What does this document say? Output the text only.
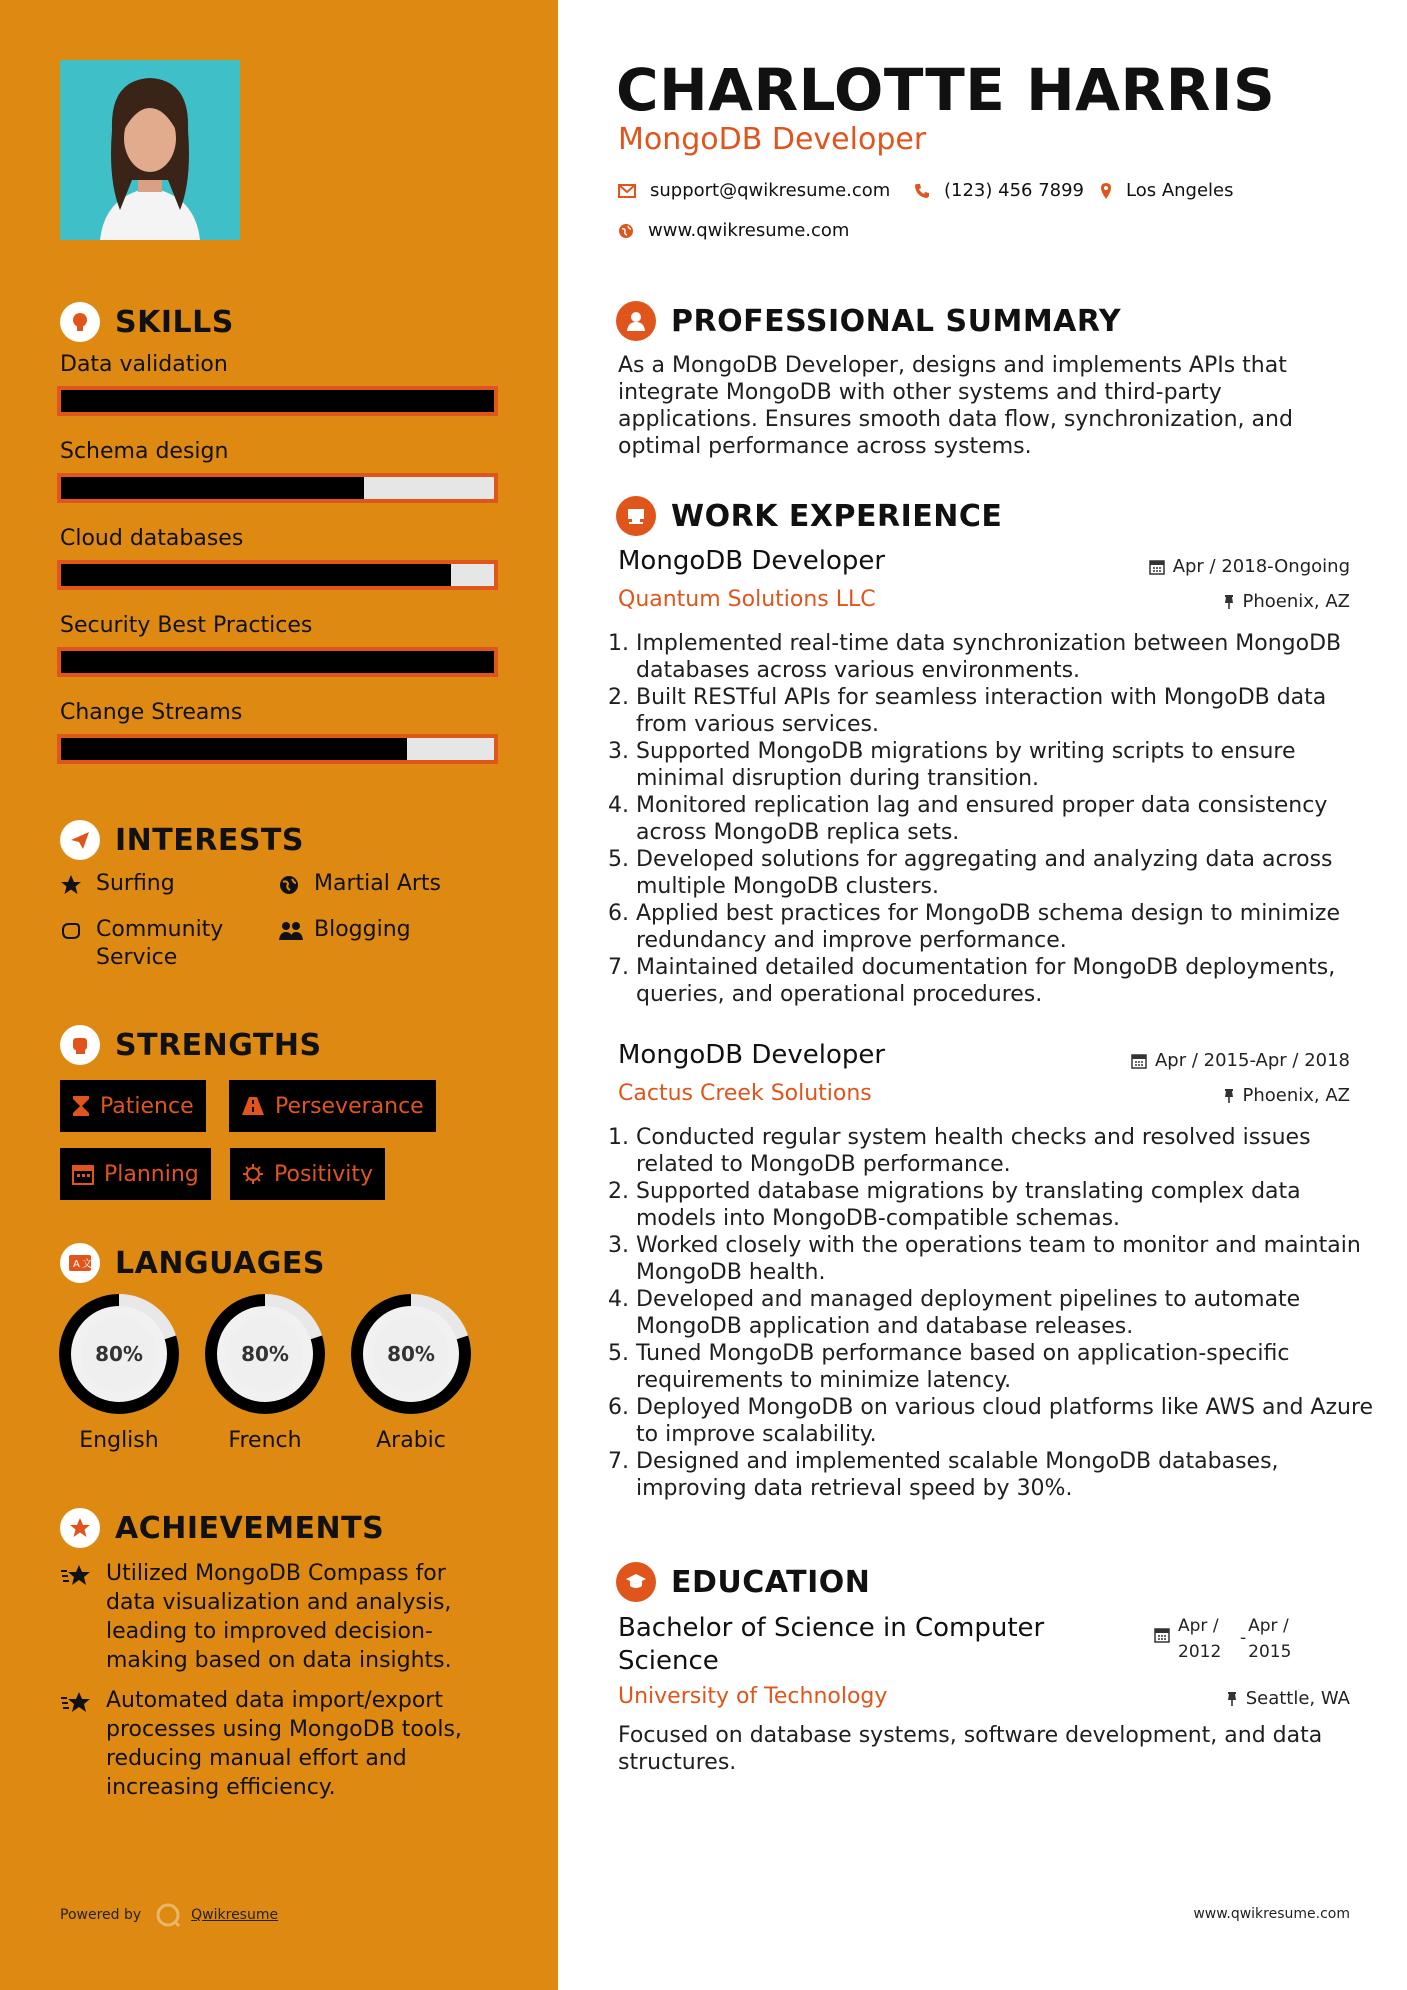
SKILLS
Data validation
Schema design
Cloud databases
Security Best Practices
Change Streams
INTERESTS
Surfing	Martial Arts
Community Service
Blogging
STRENGTHS
Patience	Perseverance
Planning	Positivity
A 文 LANGUAGES
80%
English
80%
French
80%
Arabic
ACHIEVEMENTS
Utilized MongoDB Compass for data visualization and analysis, leading to improved decision-making based on data insights.
Automated data import/export processes using MongoDB tools, reducing manual effort and increasing efficiency.
Powered by	Qwikresume
CHARLOTTE HARRIS
MongoDB Developer
support@qwikresume.com	(123) 456 7899 Los Angeles
www.qwikresume.com
PROFESSIONAL SUMMARY
As a MongoDB Developer, designs and implements APIs that integrate MongoDB with other systems and third-party applications. Ensures smooth data flow, synchronization, and optimal performance across systems.
WORK EXPERIENCE
MongoDB Developer	Apr / 2018-Ongoing
Quantum Solutions LLC	Phoenix, AZ
1. Implemented real-time data synchronization between MongoDB databases across various environments.
2. Built RESTful APIs for seamless interaction with MongoDB data from various services.
3. Supported MongoDB migrations by writing scripts to ensure minimal disruption during transition.
4. Monitored replication lag and ensured proper data consistency across MongoDB replica sets.
5. Developed solutions for aggregating and analyzing data across multiple MongoDB clusters.
6. Applied best practices for MongoDB schema design to minimize redundancy and improve performance.
7. Maintained detailed documentation for MongoDB deployments, queries, and operational procedures.
MongoDB Developer	Apr / 2015-Apr / 2018
Cactus Creek Solutions	Phoenix, AZ
1. Conducted regular system health checks and resolved issues related to MongoDB performance.
2. Supported database migrations by translating complex data models into MongoDB-compatible schemas.
3. Worked closely with the operations team to monitor and maintain MongoDB health.
4. Developed and managed deployment pipelines to automate MongoDB application and database releases.
5. Tuned MongoDB performance based on application-specific requirements to minimize latency.
6. Deployed MongoDB on various cloud platforms like AWS and Azure to improve scalability.
7. Designed and implemented scalable MongoDB databases, improving data retrieval speed by 30%.
EDUCATION
Bachelor of Science in Computer Science
Apr / 2012
-
Apr / 2015
University of Technology	Seattle, WA
Focused on database systems, software development, and data structures.
www.qwikresume.com
